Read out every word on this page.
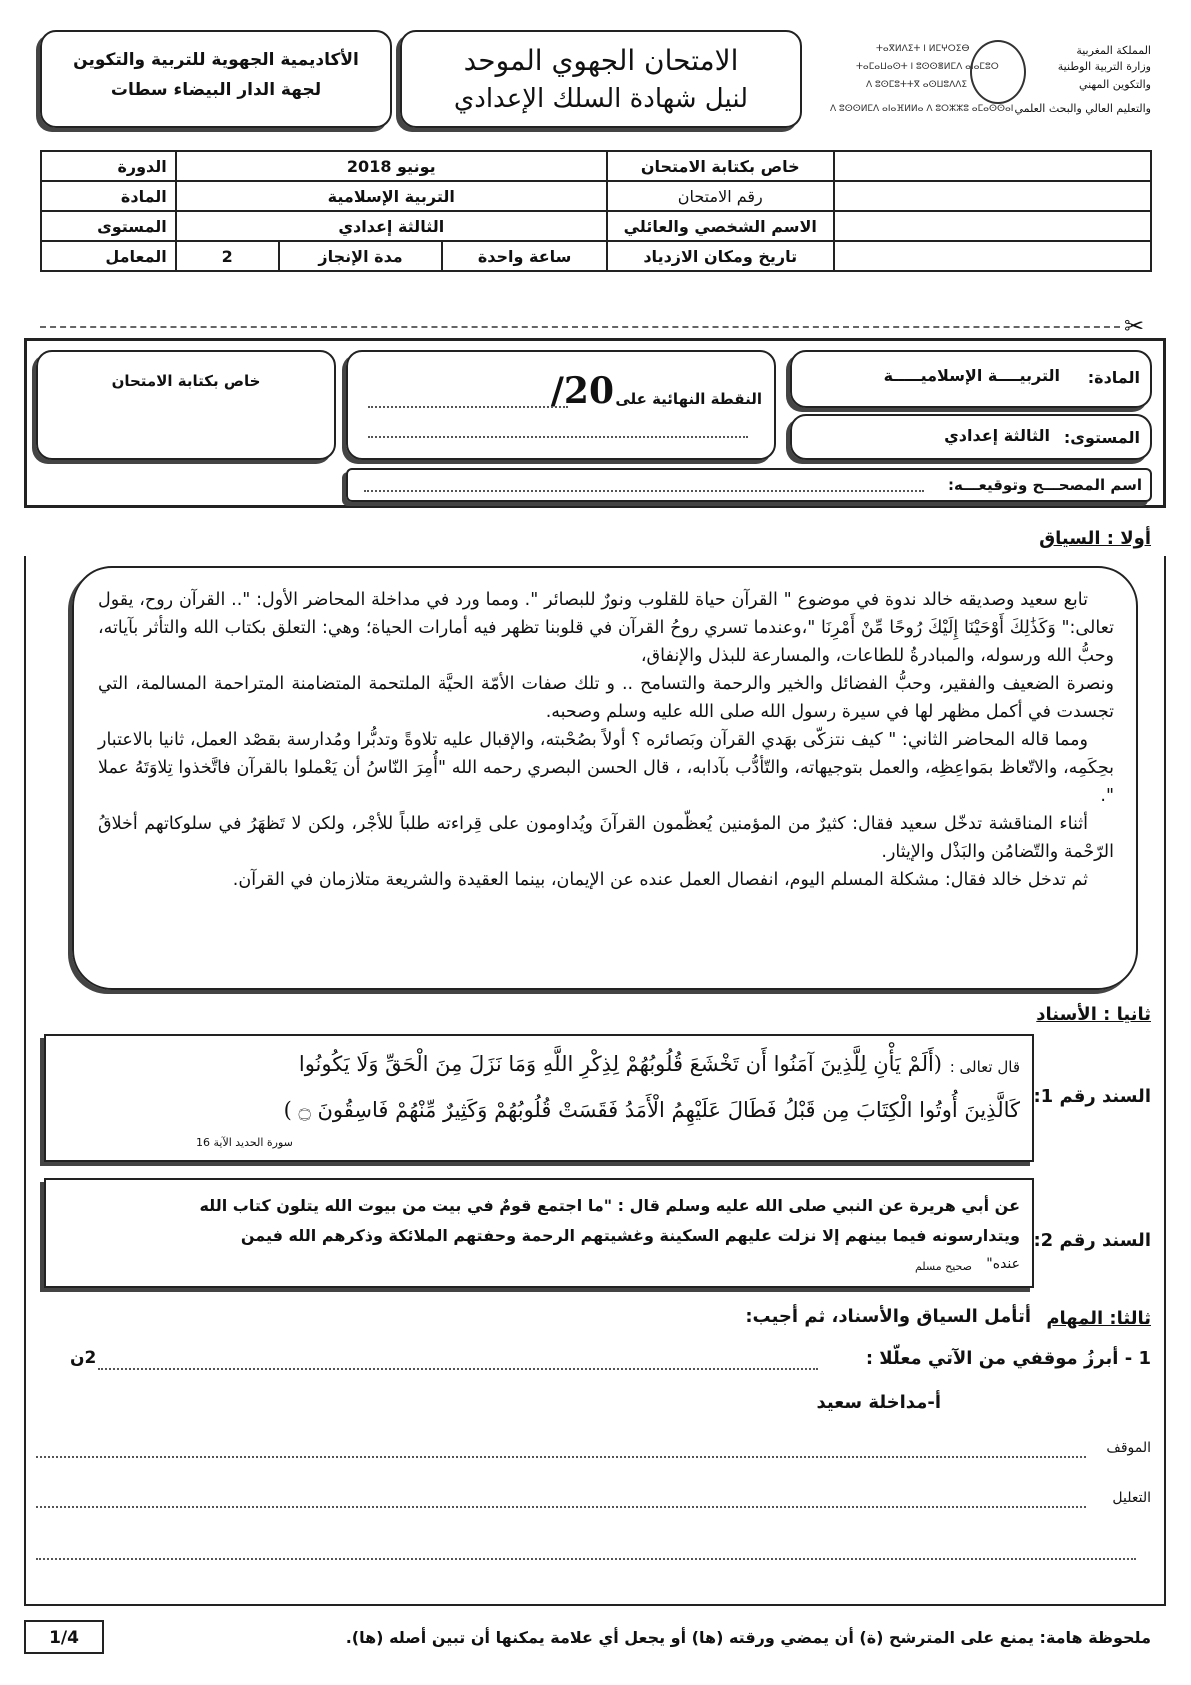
المملكة المغربية
وزارة التربية الوطنية
والتكوين المهني
والتعليم العالي والبحث العلمي
ⵜⴰⴳⵍⴷⵉⵜ ⵏ ⵍⵎⵖⵔⵉⴱ
ⵜⴰⵎⴰⵡⴰⵙⵜ ⵏ ⵓⵙⵙⴻⵍⵎⴷ ⴰⵏⴰⵎⵓⵔ
ⴷ ⵓⵙⵎⵓⵜⵜⴳ ⴰⵙⵡⵓⴷⴷⵉ
ⴷ ⵓⵙⵙⵍⵎⴷ ⴰⵏⴰⴼⵍⵍⴰ ⴷ ⵓⵔⵣⵣⵓ ⴰⵎⴰⵙⵙⴰⵏ
الامتحان الجهوي الموحد
لنيل شهادة السلك الإعدادي
الأكاديمية الجهوية للتربية والتكوين
لجهة الدار البيضاء سطات
	خاص بكتابة الامتحان	يونيو 2018			الدورة
	رقم الامتحان	التربية الإسلامية			المادة
	الاسم الشخصي والعائلي	الثالثة إعدادي			المستوى
	تاريخ ومكان الازدياد	ساعة واحدة	مدة الإنجاز	2	المعامل
✂
خاص بكتابة الامتحان
النقطة النهائية على
20/	المادة:
التربيــــة الإسلاميـــــة
المستوى:
الثالثة إعدادي
اسم المصحـــح وتوقيعـــه:
أولا : السياق

تابع سعيد وصديقه خالد ندوة في موضوع " القرآن حياة للقلوب ونورٌ للبصائر ". ومما ورد في مداخلة المحاضر الأول: ".. القرآن روح، يقول تعالى:" وَكَذَٰلِكَ أَوْحَيْنَا إِلَيْكَ رُوحًا مِّنْ أَمْرِنَا "،وعندما تسري روحُ القرآن في قلوبنا تظهر فيه أمارات الحياة؛ وهي: التعلق بكتاب الله والتأثر بآياته، وحبُّ الله ورسوله، والمبادرةُ للطاعات، والمسارعة للبذل والإنفاق،

ونصرة الضعيف والفقير، وحبُّ الفضائل والخير والرحمة والتسامح .. و تلك صفات الأمّة الحيَّة الملتحمة المتضامنة المتراحمة المسالمة، التي تجسدت في أكمل مظهر لها في سيرة رسول الله صلى الله عليه وسلم وصحبه.

ومما قاله المحاضر الثاني: " كيف نتزكّى بهَدي القرآن وبَصائره ؟ أولاً بصُحْبته، والإقبال عليه تلاوةً وتدبُّرا ومُدارسة بقصْد العمل، ثانيا بالاعتبار بحِكَمِه، والاتّعاظ بمَواعِظِه، والعمل بتوجيهاته، والتّأدُّب بآدابه، ، قال الحسن البصري رحمه الله "أُمِرَ النّاسُ أن يَعْملوا بالقرآن فاتَّخذوا تِلاوَتَهُ عملا ".

أثناء المناقشة تدخّل سعيد فقال: كثيرٌ من المؤمنين يُعظّمون القرآنَ ويُداومون على قِراءته طلباً للأجْر، ولكن لا تَظهَرُ في سلوكاتهم أخلاقُ الرّحْمة والتّضامُن والبَذْل والإيثار.

ثم تدخل خالد فقال: مشكلة المسلم اليوم، انفصال العمل عنده عن الإيمان، بينما العقيدة والشريعة متلازمان في القرآن.

ثانيا : الأسناد
السند رقم 1:
قال تعالى :
(أَلَمْ يَأْنِ لِلَّذِينَ آمَنُوا أَن تَخْشَعَ قُلُوبُهُمْ لِذِكْرِ اللَّهِ وَمَا نَزَلَ مِنَ الْحَقِّ وَلَا يَكُونُوا
كَالَّذِينَ أُوتُوا الْكِتَابَ مِن قَبْلُ فَطَالَ عَلَيْهِمُ الْأَمَدُ فَقَسَتْ قُلُوبُهُمْ وَكَثِيرٌ مِّنْهُمْ فَاسِقُونَ ۝ )
سورة الحديد الآية 16
السند رقم 2:
عن أبي هريرة عن النبي صلى الله عليه وسلم قال : "ما اجتمع قومٌ في بيت من بيوت الله يتلون كتاب الله
ويتدارسونه فيما بينهم إلا نزلت عليهم السكينة وغشيتهم الرحمة وحفتهم الملائكة وذكرهم الله فيمن
عنده"
صحيح مسلم
ثالثا: المهام
أتأمل السياق والأسناد، ثم أجيب:
1 - أبرزُ موقفي من الآتي معلّلا :
2ن
أ-مداخلة سعيد
الموقف
التعليل
ملحوظة هامة: يمنع على المترشح (ة) أن يمضي ورقته (ها) أو يجعل أي علامة يمكنها أن تبين أصله (ها).
1/4
